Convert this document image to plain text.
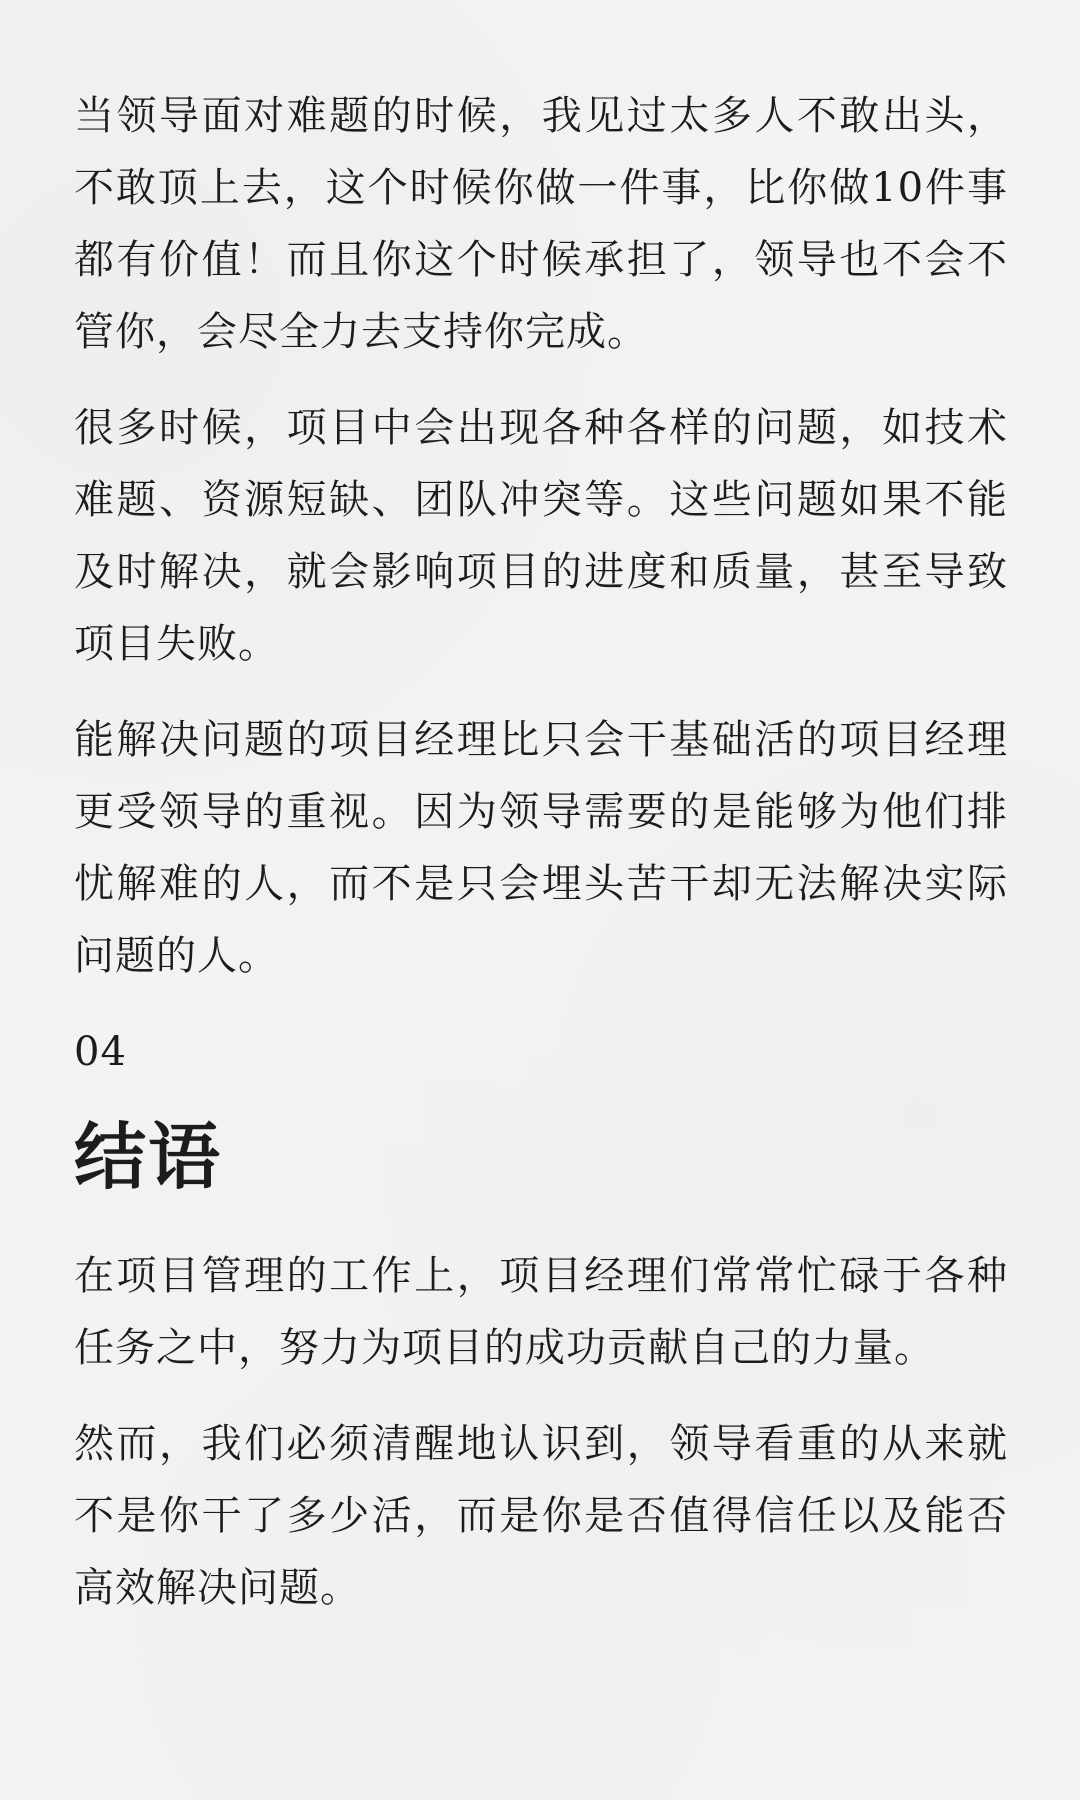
当领导面对难题的时候，我见过太多人不敢出头，不敢顶上去，这个时候你做一件事，比你做10件事都有价值！而且你这个时候承担了，领导也不会不管你，会尽全力去支持你完成。

很多时候，项目中会出现各种各样的问题，如技术难题、资源短缺、团队冲突等。这些问题如果不能及时解决，就会影响项目的进度和质量，甚至导致项目失败。

能解决问题的项目经理比只会干基础活的项目经理更受领导的重视。因为领导需要的是能够为他们排忧解难的人，而不是只会埋头苦干却无法解决实际问题的人。

04
结语

在项目管理的工作上，项目经理们常常忙碌于各种任务之中，努力为项目的成功贡献自己的力量。

然而，我们必须清醒地认识到，领导看重的从来就不是你干了多少活，而是你是否值得信任以及能否高效解决问题。
